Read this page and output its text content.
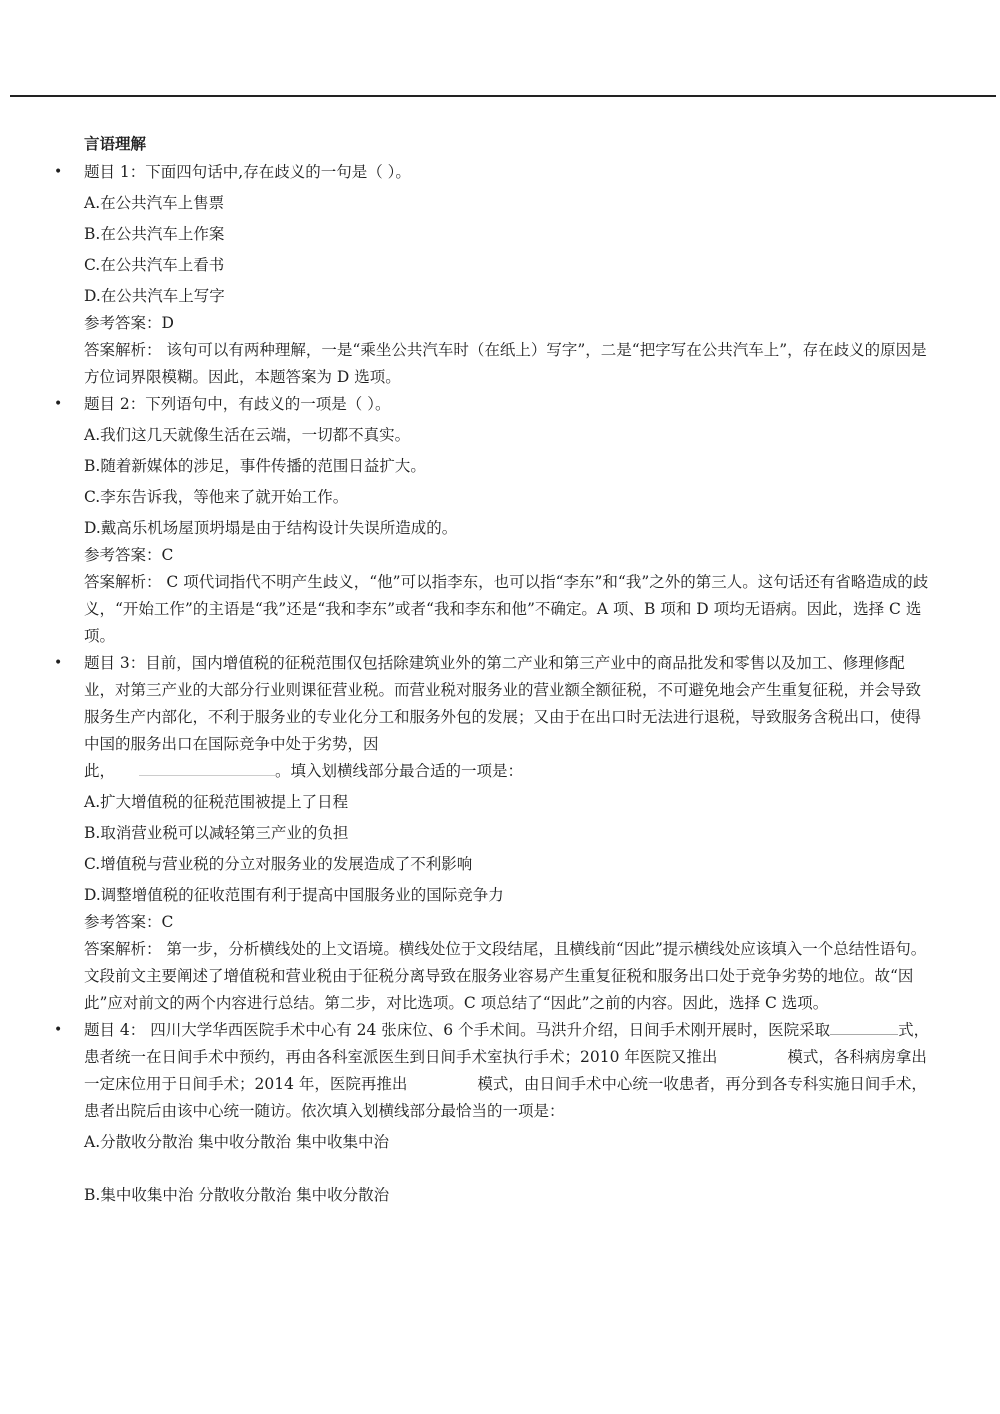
言语理解
•

题目 1：下面四句话中,存在歧义的一句是（ ）。

A.在公共汽车上售票

B.在公共汽车上作案

C.在公共汽车上看书

D.在公共汽车上写字

参考答案：D

答案解析： 该句可以有两种理解，一是“乘坐公共汽车时（在纸上）写字”，二是“把字写在公共汽车上”，存在歧义的原因是方位词界限模糊。因此，本题答案为 D 选项。

•

题目 2：下列语句中，有歧义的一项是（ ）。

A.我们这几天就像生活在云端，一切都不真实。

B.随着新媒体的涉足，事件传播的范围日益扩大。

C.李东告诉我，等他来了就开始工作。

D.戴高乐机场屋顶坍塌是由于结构设计失误所造成的。

参考答案：C

答案解析： C 项代词指代不明产生歧义，“他”可以指李东，也可以指“李东”和“我”之外的第三人。这句话还有省略造成的歧义，“开始工作”的主语是“我”还是“我和李东”或者“我和李东和他”不确定。A 项、B 项和 D 项均无语病。因此，选择 C 选项。

•

题目 3：目前，国内增值税的征税范围仅包括除建筑业外的第二产业和第三产业中的商品批发和零售以及加工、修理修配业，对第三产业的大部分行业则课征营业税。而营业税对服务业的营业额全额征税，不可避免地会产生重复征税，并会导致服务生产内部化，不利于服务业的专业化分工和服务外包的发展；又由于在出口时无法进行退税，导致服务含税出口，使得中国的服务出口在国际竞争中处于劣势，因
此，	。填入划横线部分最合适的一项是：

A.扩大增值税的征税范围被提上了日程

B.取消营业税可以减轻第三产业的负担

C.增值税与营业税的分立对服务业的发展造成了不利影响

D.调整增值税的征收范围有利于提高中国服务业的国际竞争力

参考答案：C

答案解析： 第一步，分析横线处的上文语境。横线处位于文段结尾，且横线前“因此”提示横线处应该填入一个总结性语句。文段前文主要阐述了增值税和营业税由于征税分离导致在服务业容易产生重复征税和服务出口处于竞争劣势的地位。故“因此”应对前文的两个内容进行总结。第二步，对比选项。C 项总结了“因此”之前的内容。因此，选择 C 选项。

•

题目 4： 四川大学华西医院手术中心有 24 张床位、6 个手术间。马洪升介绍，日间手术刚开展时，医院采取	式，患者统一在日间手术中预约，再由各科室派医生到日间手术室执行手术；2010 年医院又推出	模式，各科病房拿出一定床位用于日间手术；2014 年，医院再推出	模式，由日间手术中心统一收患者，再分到各专科实施日间手术，患者出院后由该中心统一随访。依次填入划横线部分最恰当的一项是：

A.分散收分散治 集中收分散治 集中收集中治

B.集中收集中治 分散收分散治 集中收分散治
